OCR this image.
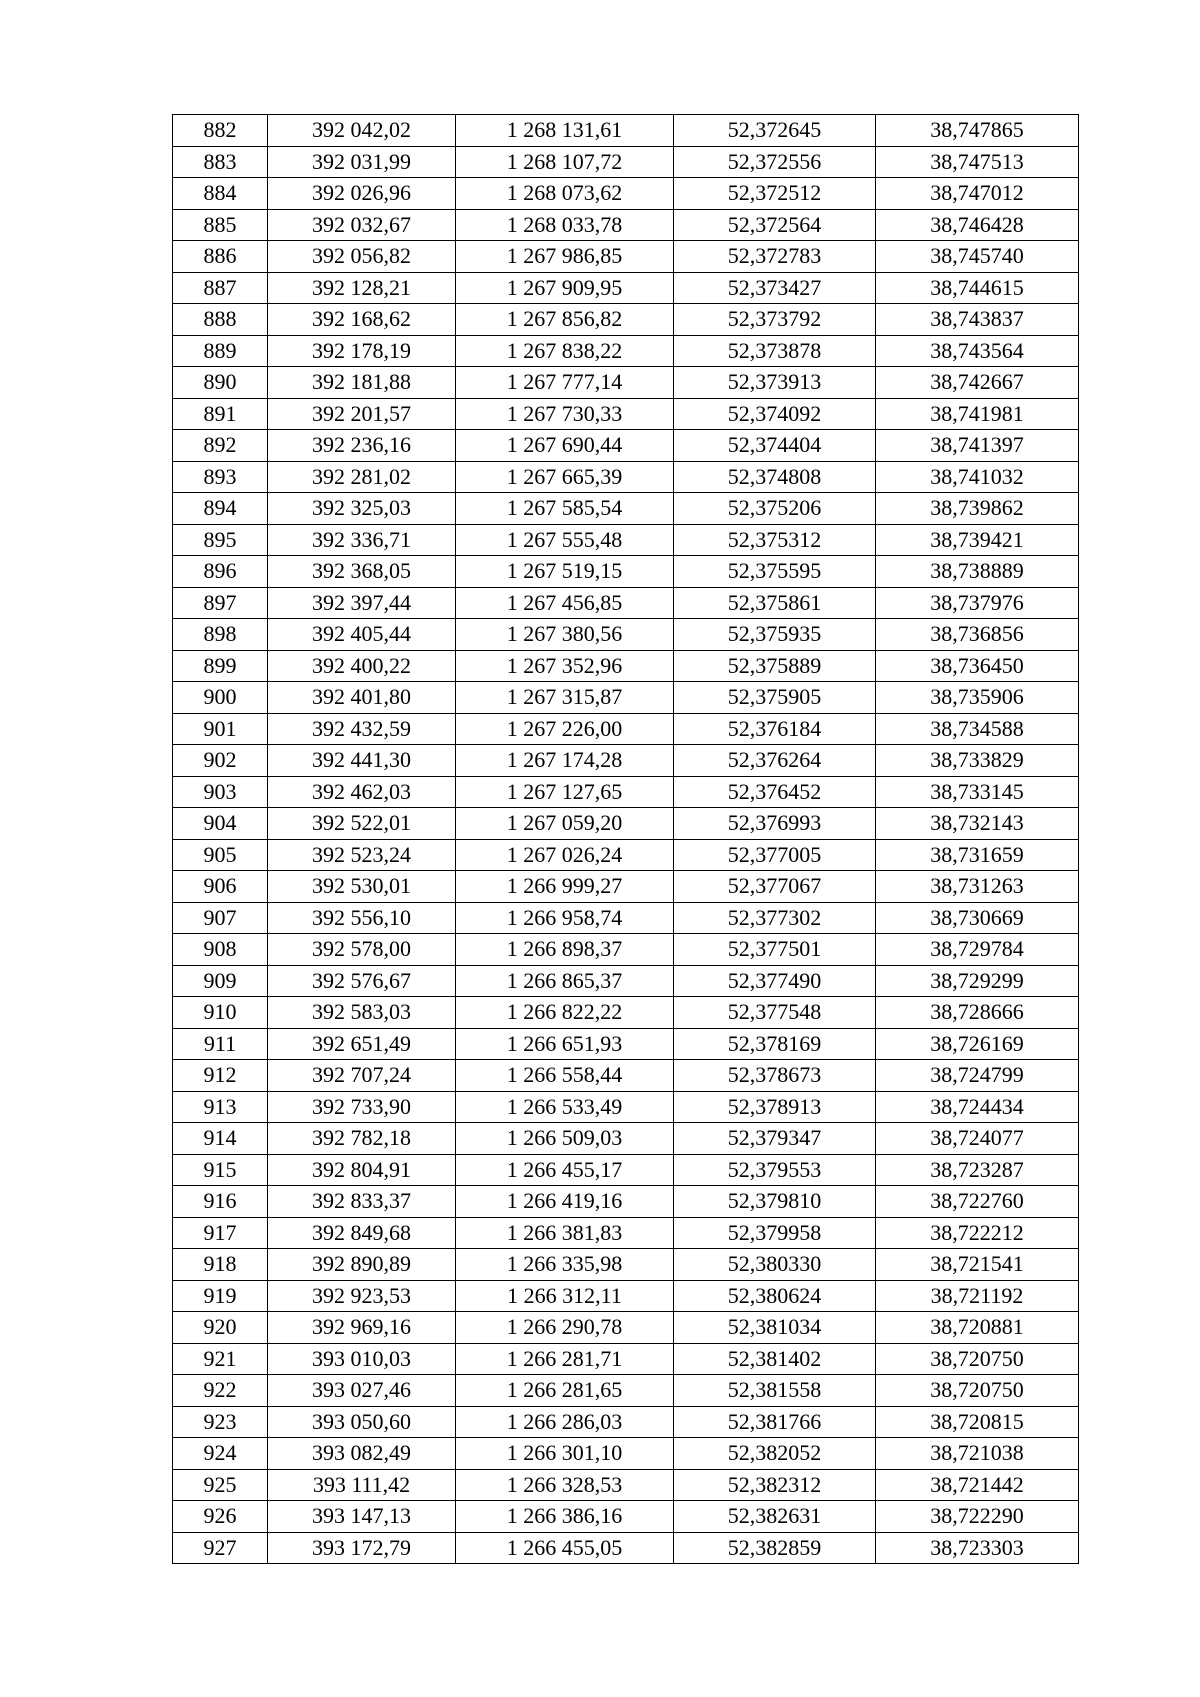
882	392 042,02	1 268 131,61	52,372645	38,747865
883	392 031,99	1 268 107,72	52,372556	38,747513
884	392 026,96	1 268 073,62	52,372512	38,747012
885	392 032,67	1 268 033,78	52,372564	38,746428
886	392 056,82	1 267 986,85	52,372783	38,745740
887	392 128,21	1 267 909,95	52,373427	38,744615
888	392 168,62	1 267 856,82	52,373792	38,743837
889	392 178,19	1 267 838,22	52,373878	38,743564
890	392 181,88	1 267 777,14	52,373913	38,742667
891	392 201,57	1 267 730,33	52,374092	38,741981
892	392 236,16	1 267 690,44	52,374404	38,741397
893	392 281,02	1 267 665,39	52,374808	38,741032
894	392 325,03	1 267 585,54	52,375206	38,739862
895	392 336,71	1 267 555,48	52,375312	38,739421
896	392 368,05	1 267 519,15	52,375595	38,738889
897	392 397,44	1 267 456,85	52,375861	38,737976
898	392 405,44	1 267 380,56	52,375935	38,736856
899	392 400,22	1 267 352,96	52,375889	38,736450
900	392 401,80	1 267 315,87	52,375905	38,735906
901	392 432,59	1 267 226,00	52,376184	38,734588
902	392 441,30	1 267 174,28	52,376264	38,733829
903	392 462,03	1 267 127,65	52,376452	38,733145
904	392 522,01	1 267 059,20	52,376993	38,732143
905	392 523,24	1 267 026,24	52,377005	38,731659
906	392 530,01	1 266 999,27	52,377067	38,731263
907	392 556,10	1 266 958,74	52,377302	38,730669
908	392 578,00	1 266 898,37	52,377501	38,729784
909	392 576,67	1 266 865,37	52,377490	38,729299
910	392 583,03	1 266 822,22	52,377548	38,728666
911	392 651,49	1 266 651,93	52,378169	38,726169
912	392 707,24	1 266 558,44	52,378673	38,724799
913	392 733,90	1 266 533,49	52,378913	38,724434
914	392 782,18	1 266 509,03	52,379347	38,724077
915	392 804,91	1 266 455,17	52,379553	38,723287
916	392 833,37	1 266 419,16	52,379810	38,722760
917	392 849,68	1 266 381,83	52,379958	38,722212
918	392 890,89	1 266 335,98	52,380330	38,721541
919	392 923,53	1 266 312,11	52,380624	38,721192
920	392 969,16	1 266 290,78	52,381034	38,720881
921	393 010,03	1 266 281,71	52,381402	38,720750
922	393 027,46	1 266 281,65	52,381558	38,720750
923	393 050,60	1 266 286,03	52,381766	38,720815
924	393 082,49	1 266 301,10	52,382052	38,721038
925	393 111,42	1 266 328,53	52,382312	38,721442
926	393 147,13	1 266 386,16	52,382631	38,722290
927	393 172,79	1 266 455,05	52,382859	38,723303
